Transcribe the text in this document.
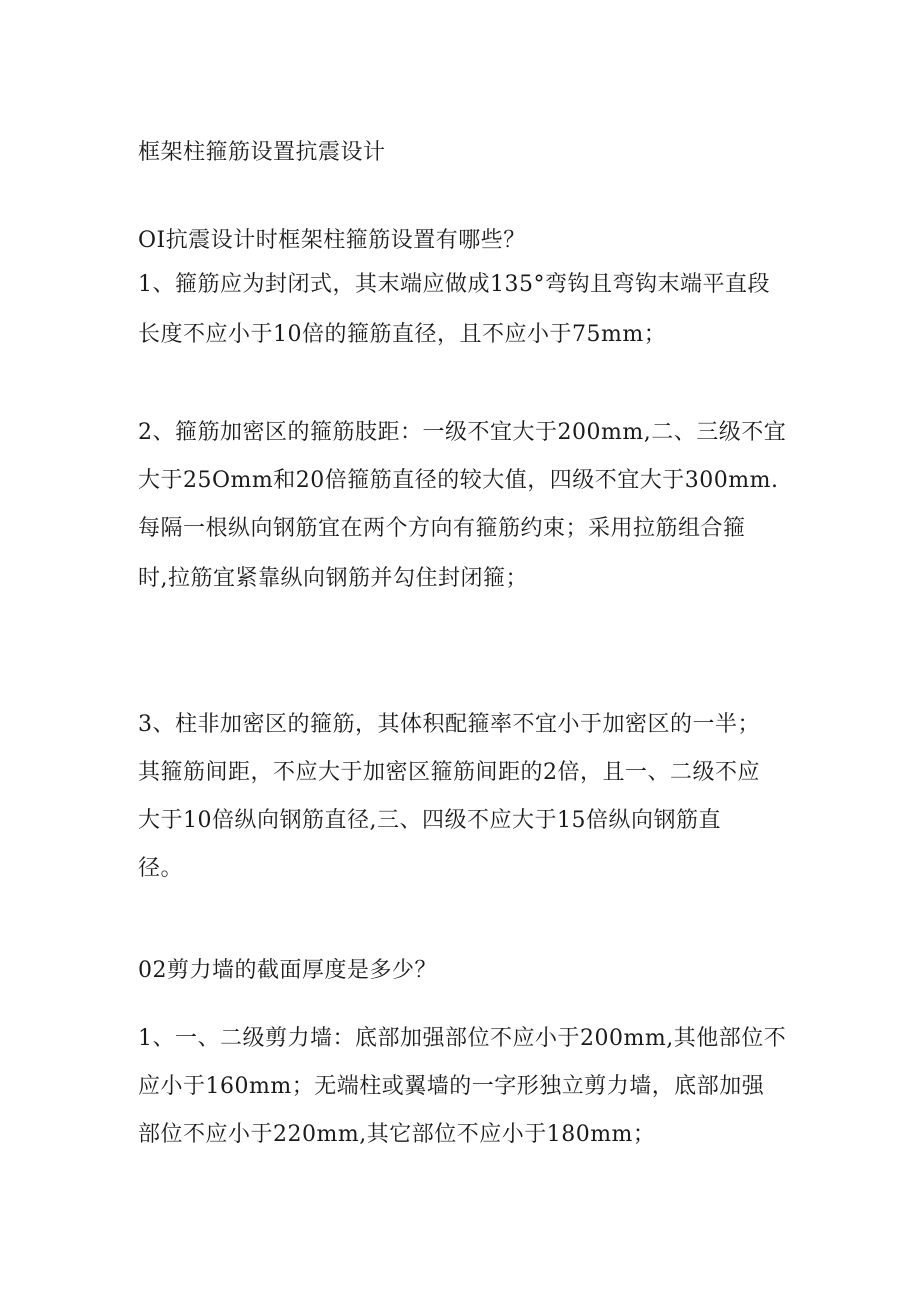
框架柱箍筋设置抗震设计

OI抗震设计时框架柱箍筋设置有哪些？

1、箍筋应为封闭式，其末端应做成135°弯钩且弯钩末端平直段

长度不应小于10倍的箍筋直径，且不应小于75mm；

2、箍筋加密区的箍筋肢距：一级不宜大于200mm,二、三级不宜

大于25Omm和20倍箍筋直径的较大值，四级不宜大于300mm.

每隔一根纵向钢筋宜在两个方向有箍筋约束；采用拉筋组合箍

时,拉筋宜紧靠纵向钢筋并勾住封闭箍；

3、柱非加密区的箍筋，其体积配箍率不宜小于加密区的一半；

其箍筋间距，不应大于加密区箍筋间距的2倍，且一、二级不应

大于10倍纵向钢筋直径,三、四级不应大于15倍纵向钢筋直

径。

02剪力墙的截面厚度是多少？

1、一、二级剪力墙：底部加强部位不应小于200mm,其他部位不

应小于160mm；无端柱或翼墙的一字形独立剪力墙，底部加强

部位不应小于220mm,其它部位不应小于180mm；
